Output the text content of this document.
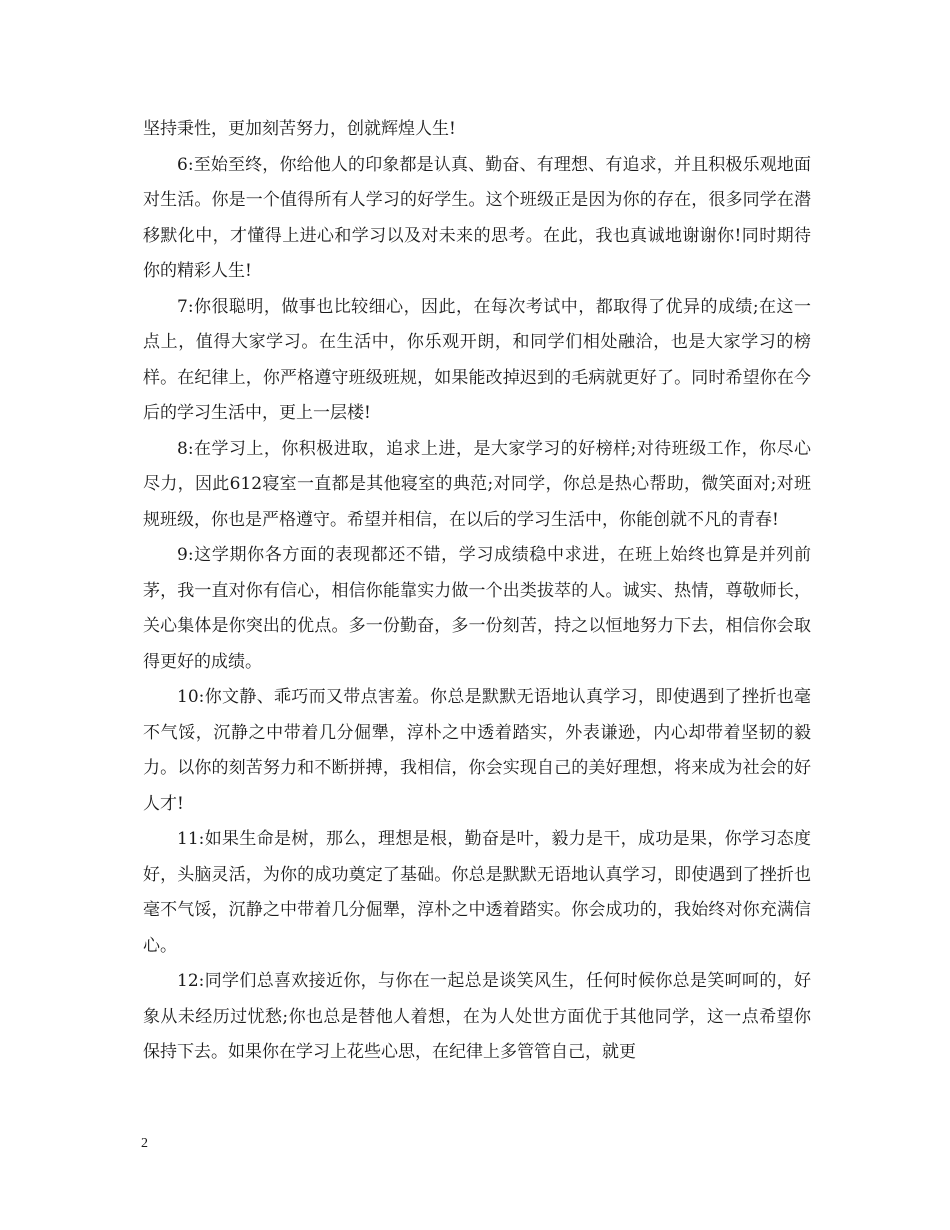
坚持秉性，更加刻苦努力，创就辉煌人生!

6:至始至终，你给他人的印象都是认真、勤奋、有理想、有追求，并且积极乐观地面对生活。你是一个值得所有人学习的好学生。这个班级正是因为你的存在，很多同学在潜移默化中，才懂得上进心和学习以及对未来的思考。在此，我也真诚地谢谢你!同时期待你的精彩人生!

7:你很聪明，做事也比较细心，因此，在每次考试中，都取得了优异的成绩;在这一点上，值得大家学习。在生活中，你乐观开朗，和同学们相处融洽，也是大家学习的榜样。在纪律上，你严格遵守班级班规，如果能改掉迟到的毛病就更好了。同时希望你在今后的学习生活中，更上一层楼!

8:在学习上，你积极进取，追求上进，是大家学习的好榜样;对待班级工作，你尽心尽力，因此612寝室一直都是其他寝室的典范;对同学，你总是热心帮助，微笑面对;对班规班级，你也是严格遵守。希望并相信，在以后的学习生活中，你能创就不凡的青春!

9:这学期你各方面的表现都还不错，学习成绩稳中求进，在班上始终也算是并列前茅，我一直对你有信心，相信你能靠实力做一个出类拔萃的人。诚实、热情，尊敬师长，关心集体是你突出的优点。多一份勤奋，多一份刻苦，持之以恒地努力下去，相信你会取得更好的成绩。

10:你文静、乖巧而又带点害羞。你总是默默无语地认真学习，即使遇到了挫折也毫不气馁，沉静之中带着几分倔犟，淳朴之中透着踏实，外表谦逊，内心却带着坚韧的毅力。以你的刻苦努力和不断拼搏，我相信，你会实现自己的美好理想，将来成为社会的好人才!

11:如果生命是树，那么，理想是根，勤奋是叶，毅力是干，成功是果，你学习态度好，头脑灵活，为你的成功奠定了基础。你总是默默无语地认真学习，即使遇到了挫折也毫不气馁，沉静之中带着几分倔犟，淳朴之中透着踏实。你会成功的，我始终对你充满信心。

12:同学们总喜欢接近你，与你在一起总是谈笑风生，任何时候你总是笑呵呵的，好象从未经历过忧愁;你也总是替他人着想，在为人处世方面优于其他同学，这一点希望你保持下去。如果你在学习上花些心思，在纪律上多管管自己，就更

2
